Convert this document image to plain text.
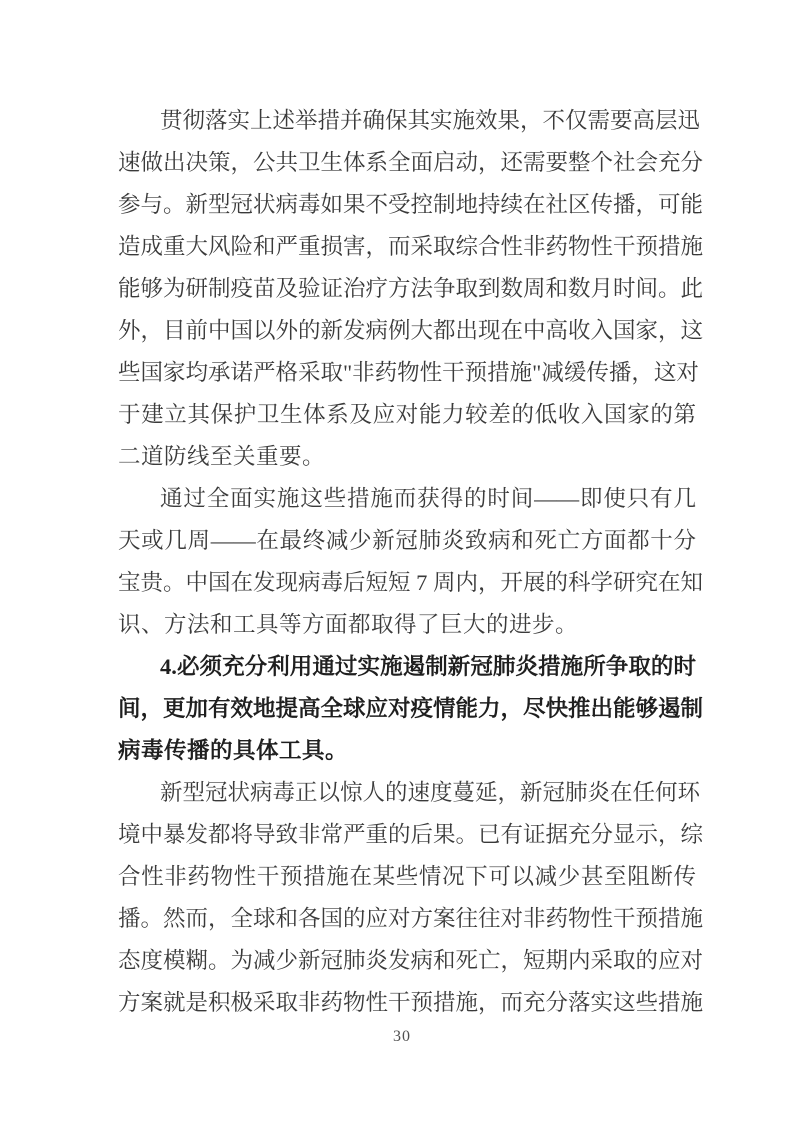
贯彻落实上述举措并确保其实施效果，不仅需要高层迅
速做出决策，公共卫生体系全面启动，还需要整个社会充分
参与。新型冠状病毒如果不受控制地持续在社区传播，可能
造成重大风险和严重损害，而采取综合性非药物性干预措施
能够为研制疫苗及验证治疗方法争取到数周和数月时间。此
外，目前中国以外的新发病例大都出现在中高收入国家，这
些国家均承诺严格采取"非药物性干预措施"减缓传播，这对
于建立其保护卫生体系及应对能力较差的低收入国家的第
二道防线至关重要。
通过全面实施这些措施而获得的时间——即使只有几
天或几周——在最终减少新冠肺炎致病和死亡方面都十分
宝贵。中国在发现病毒后短短 7 周内，开展的科学研究在知
识、方法和工具等方面都取得了巨大的进步。
4.必须充分利用通过实施遏制新冠肺炎措施所争取的时
间，更加有效地提高全球应对疫情能力，尽快推出能够遏制
病毒传播的具体工具。
新型冠状病毒正以惊人的速度蔓延，新冠肺炎在任何环
境中暴发都将导致非常严重的后果。已有证据充分显示，综
合性非药物性干预措施在某些情况下可以减少甚至阻断传
播。然而，全球和各国的应对方案往往对非药物性干预措施
态度模糊。为减少新冠肺炎发病和死亡，短期内采取的应对
方案就是积极采取非药物性干预措施，而充分落实这些措施
30
